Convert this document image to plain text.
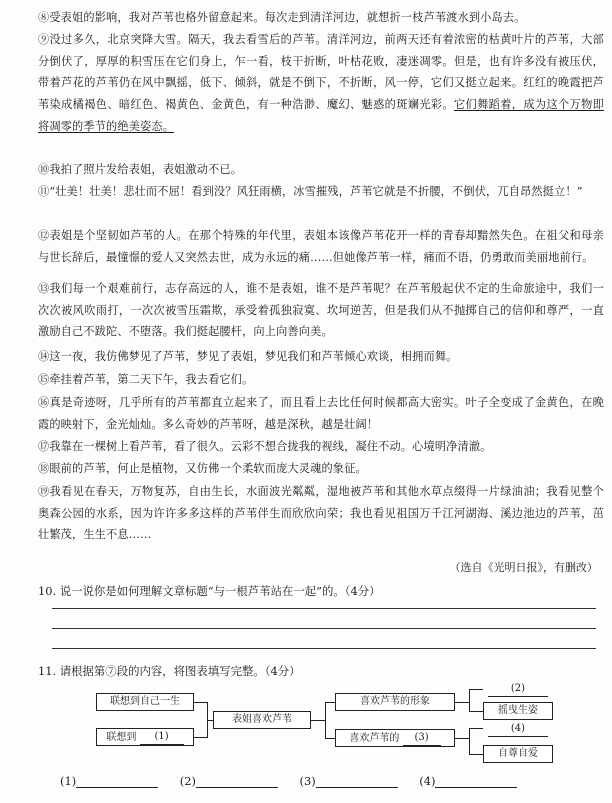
⑧受表姐的影响，我对芦苇也格外留意起来。每次走到清洋河边，就想折一枝芦苇渡水到小岛去。

⑨没过多久，北京突降大雪。隔天，我去看雪后的芦苇。清洋河边，前两天还有着浓密的枯黄叶片的芦苇，大部分倒伏了，厚厚的积雪压在它们身上，乍一看，枝干折断，叶枯花败，凄迷凋零。但是，也有许多没有被压伏，带着芦花的芦苇仍在风中飘摇，低下、倾斜，就是不倒下，不折断，风一停，它们又挺立起来。红红的晚霞把芦苇染成橘褐色、暗红色、褐黄色、金黄色，有一种浩渺、魔幻、魅惑的斑斓光彩。它们舞蹈着，成为这个万物即将凋零的季节的绝美姿态。

⑩我拍了照片发给表姐，表姐激动不已。

⑪“壮美！壮美！悲壮而不屈！看到没？风狂雨横，冰雪摧残，芦苇它就是不折腰，不倒伏，兀自昂然挺立！”

⑫表姐是个坚韧如芦苇的人。在那个特殊的年代里，表姐本该像芦苇花开一样的青春却黯然失色。在祖父和母亲与世长辞后，最憧憬的爱人又突然去世，成为永远的痛……但她像芦苇一样，痛而不语，仍勇敢而美丽地前行。

⑬我们每一个艰难前行，志存高远的人，谁不是表姐，谁不是芦苇呢？在芦苇般起伏不定的生命旅途中，我们一次次被风吹雨打，一次次被雪压霜欺，承受着孤独寂寞、坎坷逆苦，但是我们从不抛掷自己的信仰和尊严，一直激励自己不跋陀、不堕落。我们挺起腰杆，向上向善向美。

⑭这一夜，我仿佛梦见了芦苇，梦见了表姐，梦见我们和芦苇倾心欢谈，相拥而舞。

⑮牵挂着芦苇，第二天下午，我去看它们。

⑯真是奇迹呀，几乎所有的芦苇都直立起来了，而且看上去比任何时候都高大密实。叶子全变成了金黄色，在晚霞的映射下，金光灿灿。多么奇妙的芦苇呀，越是深秋，越是壮阔！

⑰我靠在一棵树上看芦苇，看了很久。云彩不想合拢我的视线，凝住不动。心境明净清澈。

⑱眼前的芦苇，何止是植物，又仿佛一个柔软而庞大灵魂的象征。

⑲我看见在春天，万物复苏，自由生长，水面波光粼粼，湿地被芦苇和其他水草点缀得一片绿油油；我看见整个奥森公园的水系，因为许许多多这样的芦苇伴生而欣欣向荣；我也看见祖国万千江河湖海、溪边池边的芦苇，茁壮繁茂，生生不息……

（选自《光明日报》，有删改）
10. 说一说你是如何理解文章标题“与一根芦苇站在一起”的。（4分）
11. 请根据第⑦段的内容，将图表填写完整。（4分）
联想到自己一生
联想到 (1)
表姐喜欢芦苇
喜欢芦苇的形象
喜欢芦苇的 (3)
(2)
摇曳生姿
(4)
自尊自爱
(1)	(2)	(3)	(4)
